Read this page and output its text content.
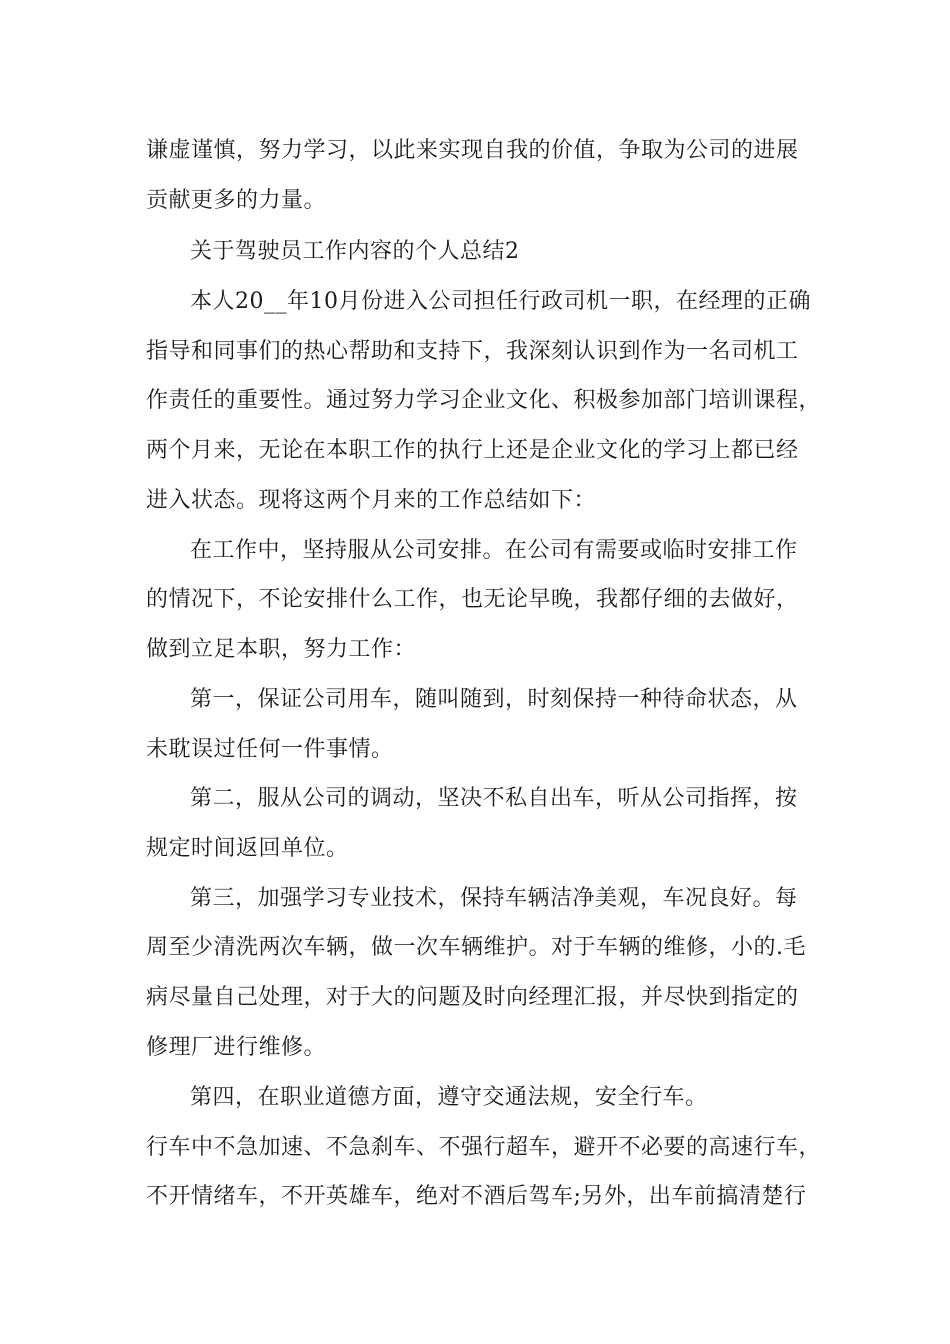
谦虚谨慎，努力学习，以此来实现自我的价值，争取为公司的进展
贡献更多的力量。
关于驾驶员工作内容的个人总结2
本人20__年10月份进入公司担任行政司机一职，在经理的正确
指导和同事们的热心帮助和支持下，我深刻认识到作为一名司机工
作责任的重要性。通过努力学习企业文化、积极参加部门培训课程，
两个月来，无论在本职工作的执行上还是企业文化的学习上都已经
进入状态。现将这两个月来的工作总结如下：
在工作中，坚持服从公司安排。在公司有需要或临时安排工作
的情况下，不论安排什么工作，也无论早晚，我都仔细的去做好，
做到立足本职，努力工作：
第一，保证公司用车，随叫随到，时刻保持一种待命状态，从
未耽误过任何一件事情。
第二，服从公司的调动，坚决不私自出车，听从公司指挥，按
规定时间返回单位。
第三，加强学习专业技术，保持车辆洁净美观，车况良好。每
周至少清洗两次车辆，做一次车辆维护。对于车辆的维修，小的.毛
病尽量自己处理，对于大的问题及时向经理汇报，并尽快到指定的
修理厂进行维修。
第四，在职业道德方面，遵守交通法规，安全行车。
行车中不急加速、不急刹车、不强行超车，避开不必要的高速行车，
不开情绪车，不开英雄车，绝对不酒后驾车;另外，出车前搞清楚行
